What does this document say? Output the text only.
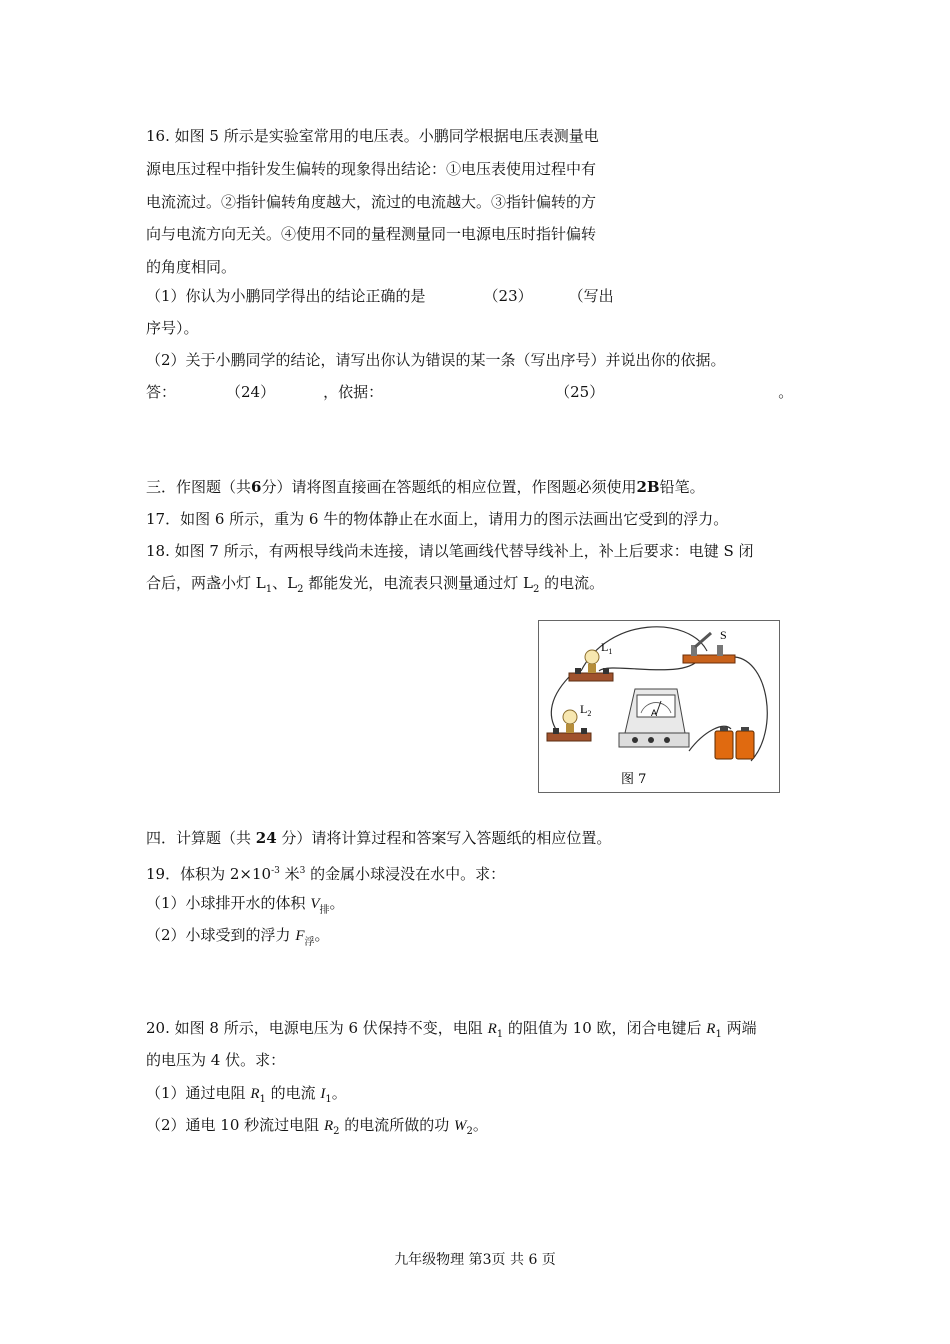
16. 如图 5 所示是实验室常用的电压表。小鹏同学根据电压表测量电
源电压过程中指针发生偏转的现象得出结论：①电压表使用过程中有
电流流过。②指针偏转角度越大，流过的电流越大。③指针偏转的方
向与电流方向无关。④使用不同的量程测量同一电源电压时指针偏转
的角度相同。
（1）你认为小鹏同学得出的结论正确的是	（23） （写出
序号）。
（2）关于小鹏同学的结论，请写出你认为错误的某一条（写出序号）并说出你的依据。
答：	（24）	，依据：	（25）	。
三．作图题（共6分）请将图直接画在答题纸的相应位置，作图题必须使用2B铅笔。
17．如图 6 所示，重为 6 牛的物体静止在水面上，请用力的图示法画出它受到的浮力。
18. 如图 7 所示，有两根导线尚未连接，请以笔画线代替导线补上，补上后要求：电键 S 闭
合后，两盏小灯 $L_1$、$L_2$ 都能发光，电流表只测量通过灯 $L_2$ 的电流。
$L_1$
$L_2$
S
A
图 7
四．计算题（共 24 分）请将计算过程和答案写入答题纸的相应位置。
19．体积为 $2\times 10^{-3}$ 米$^3$ 的金属小球浸没在水中。求：
（1）小球排开水的体积 $V_排$。
（2）小球受到的浮力 $F_浮$。
20. 如图 8 所示，电源电压为 6 伏保持不变，电阻 $R_1$ 的阻值为 10 欧，闭合电键后 $R_1$ 两端
的电压为 4 伏。求：
（1）通过电阻 $R_1$ 的电流 $I_1$。
（2）通电 10 秒流过电阻 $R_2$ 的电流所做的功 $W_2$。
九年级物理 第3页 共 6 页
